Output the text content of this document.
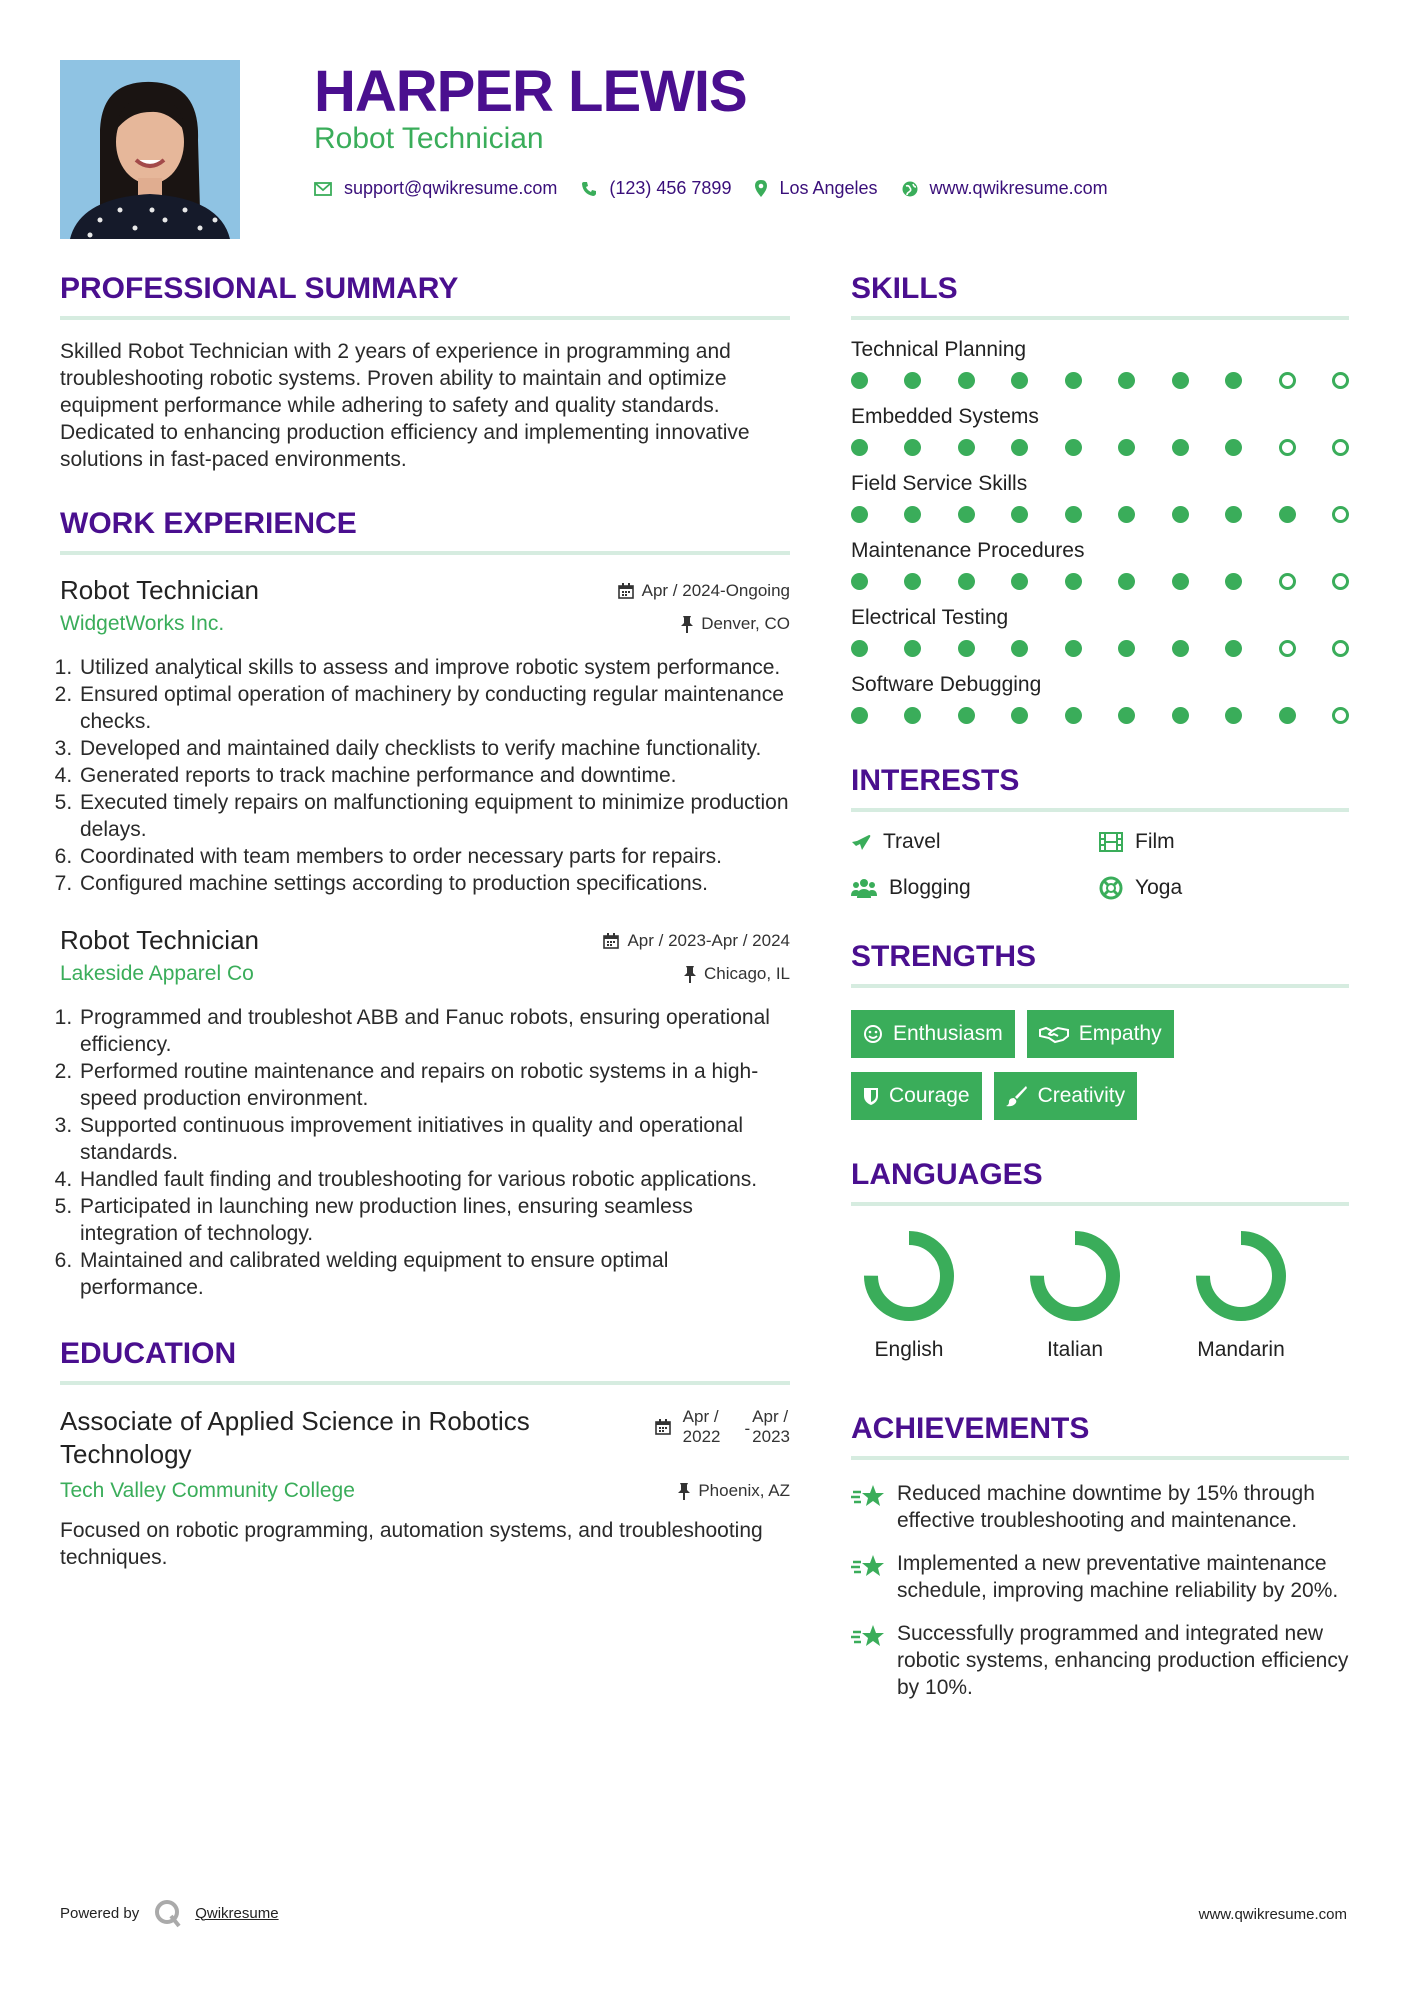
HARPER LEWIS
Robot Technician
support@qwikresume.com	(123) 456 7899	Los Angeles	www.qwikresume.com
PROFESSIONAL SUMMARY
Skilled Robot Technician with 2 years of experience in programming and troubleshooting robotic systems. Proven ability to maintain and optimize equipment performance while adhering to safety and quality standards. Dedicated to enhancing production efficiency and implementing innovative solutions in fast-paced environments.
WORK EXPERIENCE
Robot Technician	Apr / 2024-Ongoing
WidgetWorks Inc.	Denver, CO
1. Utilized analytical skills to assess and improve robotic system performance.
2. Ensured optimal operation of machinery by conducting regular maintenance checks.
3. Developed and maintained daily checklists to verify machine functionality.
4. Generated reports to track machine performance and downtime.
5. Executed timely repairs on malfunctioning equipment to minimize production delays.
6. Coordinated with team members to order necessary parts for repairs.
7. Configured machine settings according to production specifications.
Robot Technician	Apr / 2023-Apr / 2024
Lakeside Apparel Co	Chicago, IL
1. Programmed and troubleshot ABB and Fanuc robots, ensuring operational efficiency.
2. Performed routine maintenance and repairs on robotic systems in a high-speed production environment.
3. Supported continuous improvement initiatives in quality and operational standards.
4. Handled fault finding and troubleshooting for various robotic applications.
5. Participated in launching new production lines, ensuring seamless integration of technology.
6. Maintained and calibrated welding equipment to ensure optimal performance.
EDUCATION
Associate of Applied Science in Robotics Technology
Apr /
2022 -
Apr /
2023
Tech Valley Community College	Phoenix, AZ
Focused on robotic programming, automation systems, and troubleshooting techniques.
SKILLS
Technical Planning
Embedded Systems
Field Service Skills
Maintenance Procedures
Electrical Testing
Software Debugging
INTERESTS
Travel	Film
Blogging	Yoga
STRENGTHS
Enthusiasm	Empathy
Courage	Creativity
LANGUAGES
English	Italian	Mandarin
ACHIEVEMENTS
Reduced machine downtime by 15% through effective troubleshooting and maintenance.
Implemented a new preventative maintenance schedule, improving machine reliability by 20%.
Successfully programmed and integrated new robotic systems, enhancing production efficiency by 10%.
Powered by	Qwikresume	www.qwikresume.com
